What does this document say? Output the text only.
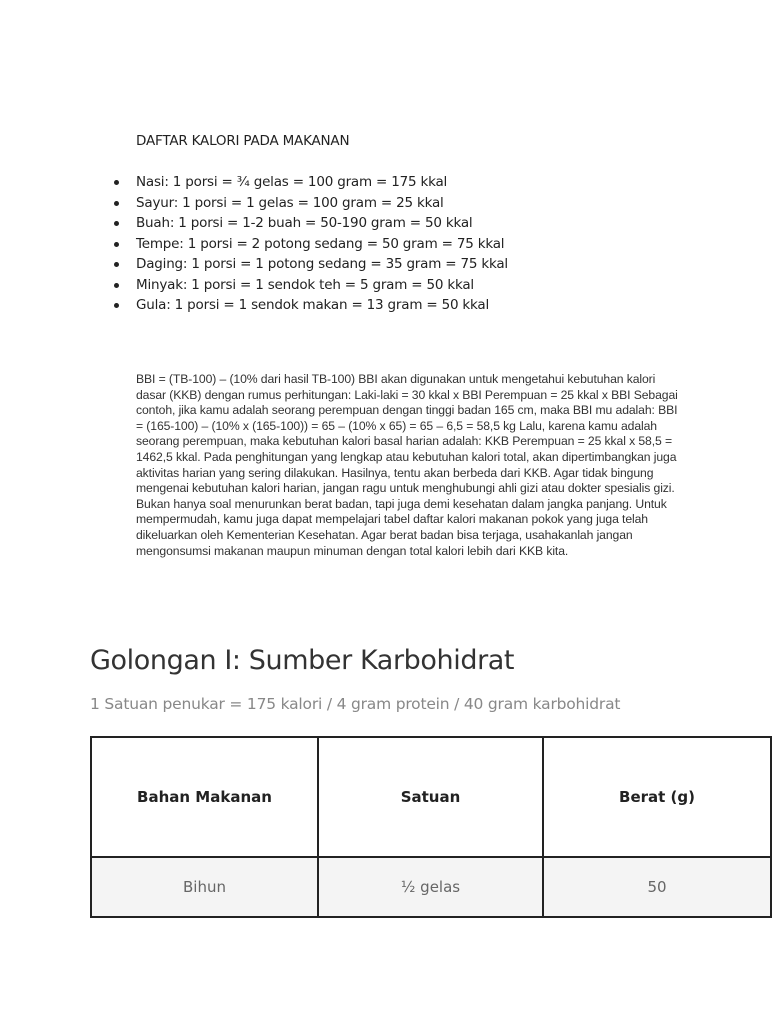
DAFTAR KALORI PADA MAKANAN

Nasi: 1 porsi = ¾ gelas = 100 gram = 175 kkal
Sayur: 1 porsi = 1 gelas = 100 gram = 25 kkal
Buah: 1 porsi = 1-2 buah = 50-190 gram = 50 kkal
Tempe: 1 porsi = 2 potong sedang = 50 gram = 75 kkal
Daging: 1 porsi = 1 potong sedang = 35 gram = 75 kkal
Minyak: 1 porsi = 1 sendok teh = 5 gram = 50 kkal
Gula: 1 porsi = 1 sendok makan = 13 gram = 50 kkal

BBI = (TB-100) – (10% dari hasil TB-100) BBI akan digunakan untuk mengetahui kebutuhan kalori dasar (KKB) dengan rumus perhitungan: Laki-laki = 30 kkal x BBI Perempuan = 25 kkal x BBI Sebagai contoh, jika kamu adalah seorang perempuan dengan tinggi badan 165 cm, maka BBI mu adalah: BBI = (165-100) – (10% x (165-100)) = 65 – (10% x 65) = 65 – 6,5 = 58,5 kg Lalu, karena kamu adalah seorang perempuan, maka kebutuhan kalori basal harian adalah: KKB Perempuan = 25 kkal x 58,5 = 1462,5 kkal. Pada penghitungan yang lengkap atau kebutuhan kalori total, akan dipertimbangkan juga aktivitas harian yang sering dilakukan. Hasilnya, tentu akan berbeda dari KKB. Agar tidak bingung mengenai kebutuhan kalori harian, jangan ragu untuk menghubungi ahli gizi atau dokter spesialis gizi. Bukan hanya soal menurunkan berat badan, tapi juga demi kesehatan dalam jangka panjang. Untuk mempermudah, kamu juga dapat mempelajari tabel daftar kalori makanan pokok yang juga telah dikeluarkan oleh Kementerian Kesehatan. Agar berat badan bisa terjaga, usahakanlah jangan mengonsumsi makanan maupun minuman dengan total kalori lebih dari KKB kita.

Golongan I: Sumber Karbohidrat

1 Satuan penukar = 175 kalori / 4 gram protein / 40 gram karbohidrat

Bahan Makanan	Satuan	Berat (g)
Bihun	½ gelas	50
